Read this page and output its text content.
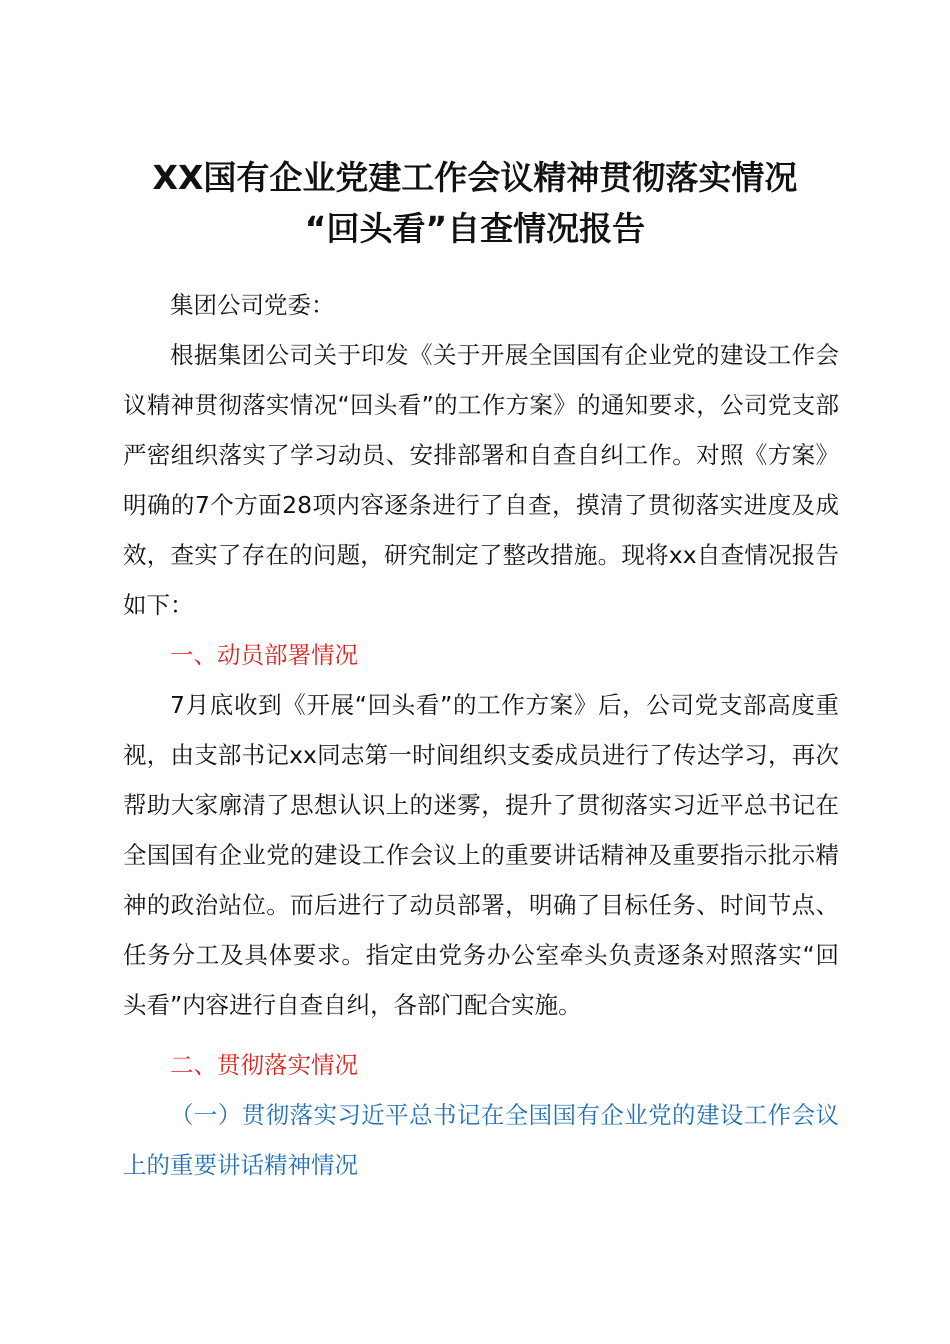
XX国有企业党建工作会议精神贯彻落实情况
“回头看”自查情况报告

集团公司党委：

根据集团公司关于印发《关于开展全国国有企业党的建设工作会议精神贯彻落实情况“回头看”的工作方案》的通知要求，公司党支部严密组织落实了学习动员、安排部署和自查自纠工作。对照《方案》明确的7个方面28项内容逐条进行了自查，摸清了贯彻落实进度及成效，查实了存在的问题，研究制定了整改措施。现将xx自查情况报告如下：

一、动员部署情况

7月底收到《开展“回头看”的工作方案》后，公司党支部高度重视，由支部书记xx同志第一时间组织支委成员进行了传达学习，再次帮助大家廓清了思想认识上的迷雾，提升了贯彻落实习近平总书记在全国国有企业党的建设工作会议上的重要讲话精神及重要指示批示精神的政治站位。而后进行了动员部署，明确了目标任务、时间节点、任务分工及具体要求。指定由党务办公室牵头负责逐条对照落实“回头看”内容进行自查自纠，各部门配合实施。

二、贯彻落实情况

（一）贯彻落实习近平总书记在全国国有企业党的建设工作会议上的重要讲话精神情况
